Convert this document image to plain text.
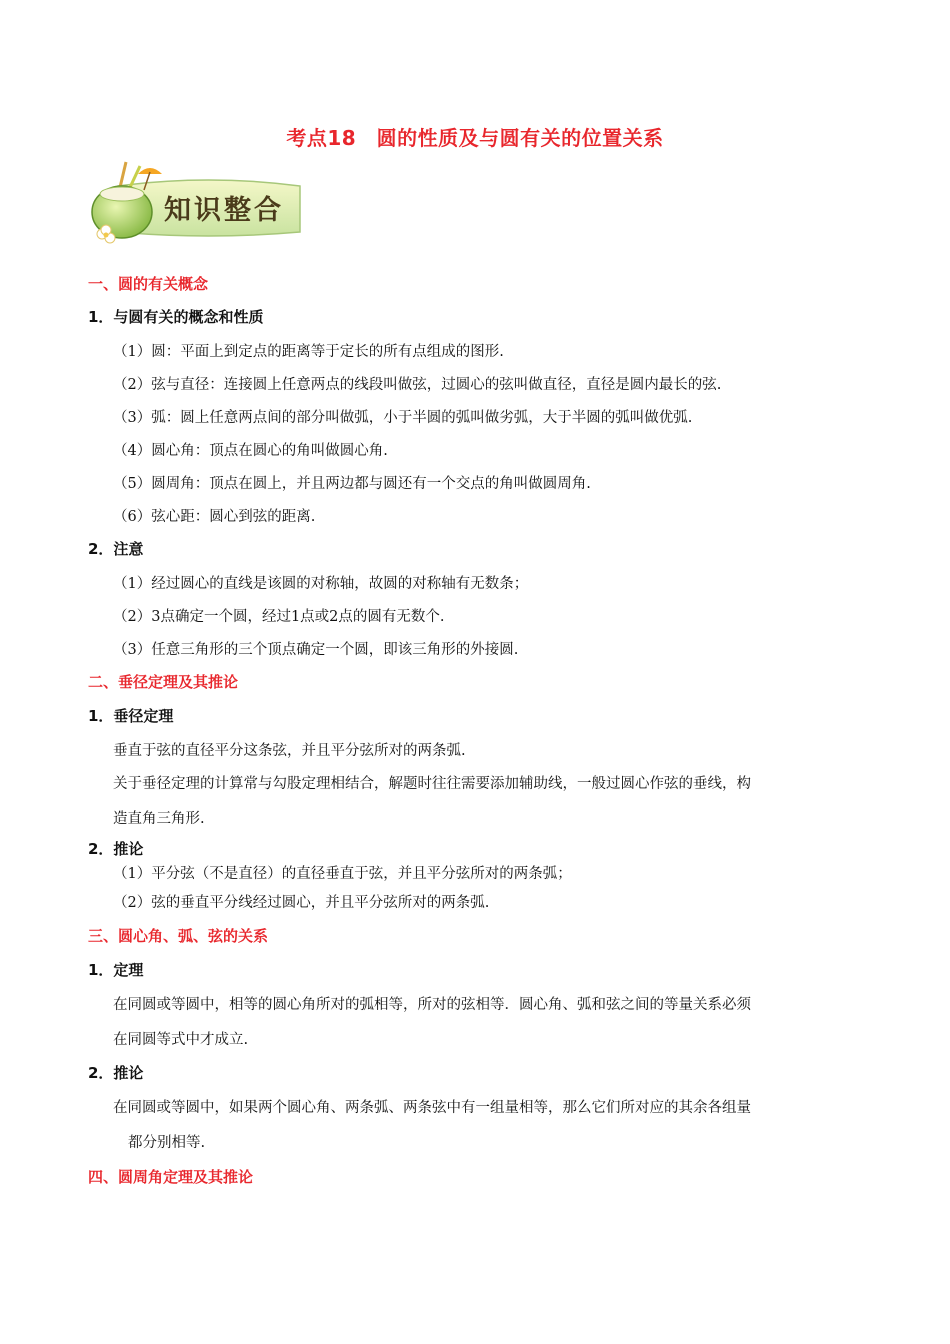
考点18　圆的性质及与圆有关的位置关系
知识整合
一、圆的有关概念
1．与圆有关的概念和性质
（1）圆：平面上到定点的距离等于定长的所有点组成的图形.
（2）弦与直径：连接圆上任意两点的线段叫做弦，过圆心的弦叫做直径，直径是圆内最长的弦.
（3）弧：圆上任意两点间的部分叫做弧，小于半圆的弧叫做劣弧，大于半圆的弧叫做优弧.
（4）圆心角：顶点在圆心的角叫做圆心角.
（5）圆周角：顶点在圆上，并且两边都与圆还有一个交点的角叫做圆周角.
（6）弦心距：圆心到弦的距离.
2．注意
（1）经过圆心的直线是该圆的对称轴，故圆的对称轴有无数条；
（2）3点确定一个圆，经过1点或2点的圆有无数个.
（3）任意三角形的三个顶点确定一个圆，即该三角形的外接圆.
二、垂径定理及其推论
1．垂径定理
垂直于弦的直径平分这条弦，并且平分弦所对的两条弧.
关于垂径定理的计算常与勾股定理相结合，解题时往往需要添加辅助线，一般过圆心作弦的垂线，构
造直角三角形.
2．推论
（1）平分弦（不是直径）的直径垂直于弦，并且平分弦所对的两条弧；
（2）弦的垂直平分线经过圆心，并且平分弦所对的两条弧.
三、圆心角、弧、弦的关系
1．定理
在同圆或等圆中，相等的圆心角所对的弧相等，所对的弦相等．圆心角、弧和弦之间的等量关系必须
在同圆等式中才成立.
2．推论
在同圆或等圆中，如果两个圆心角、两条弧、两条弦中有一组量相等，那么它们所对应的其余各组量
都分别相等.
四、圆周角定理及其推论
